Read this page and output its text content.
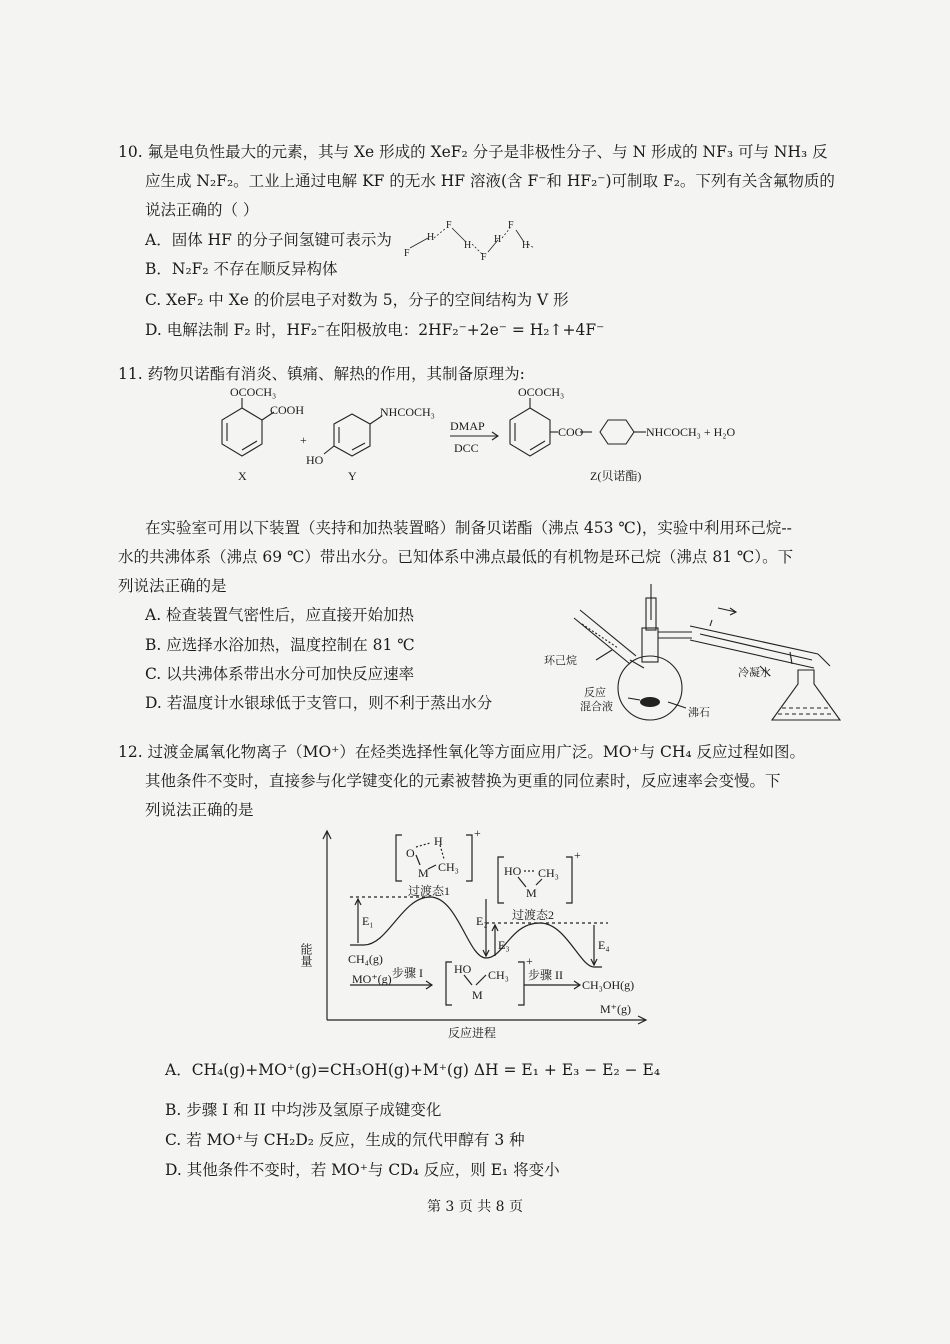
10. 氟是电负性最大的元素，其与 Xe 形成的 XeF₂ 分子是非极性分子、与 N 形成的 NF₃ 可与 NH₃ 反
应生成 N₂F₂。工业上通过电解 KF 的无水 HF 溶液(含 F⁻和 HF₂⁻)可制取 F₂。下列有关含氟物质的
说法正确的（ ）
A．固体 HF 的分子间氢键可表示为
F
H
F
H
F
H
F
H
B．N₂F₂ 不存在顺反异构体
C. XeF₂ 中 Xe 的价层电子对数为 5，分子的空间结构为 V 形
D. 电解法制 F₂ 时，HF₂⁻在阳极放电：2HF₂⁻+2e⁻ = H₂↑+4F⁻
11. 药物贝诺酯有消炎、镇痛、解热的作用，其制备原理为:
OCOCH₃
COOH
X
+
NHCOCH₃
HO
Y
DMAP
DCC
OCOCH₃
COO	NHCOCH₃ + H₂O
Z(贝诺酯)
在实验室可用以下装置（夹持和加热装置略）制备贝诺酯（沸点 453 ℃)，实验中利用环己烷--
水的共沸体系（沸点 69 ℃）带出水分。已知体系中沸点最低的有机物是环己烷（沸点 81 ℃）。下
列说法正确的是
A. 检查装置气密性后，应直接开始加热
B. 应选择水浴加热，温度控制在 81 ℃
C. 以共沸体系带出水分可加快反应速率
D. 若温度计水银球低于支管口，则不利于蒸出水分
环己烷
反应
混合液
冷凝水
沸石
12. 过渡金属氧化物离子（MO⁺）在烃类选择性氧化等方面应用广泛。MO⁺与 CH₄ 反应过程如图。
其他条件不变时，直接参与化学键变化的元素被替换为更重的同位素时，反应速率会变慢。下
列说法正确的是
能量
反应进程
O
H
M CH₃
+
过渡态1
HO CH₃
M
+
过渡态2
HO CH₃
M
+
CH₄(g)
MO⁺(g) 步骤 I	步骤 II
CH₃OH(g)
M⁺(g)
E₁	E₂
E₃	E₄
A．CH₄(g)+MO⁺(g)=CH₃OH(g)+M⁺(g) ΔH = E₁ + E₃ − E₂ − E₄
B. 步骤 I 和 II 中均涉及氢原子成键变化
C. 若 MO⁺与 CH₂D₂ 反应，生成的氘代甲醇有 3 种
D. 其他条件不变时，若 MO⁺与 CD₄ 反应，则 E₁ 将变小
第 3 页 共 8 页
